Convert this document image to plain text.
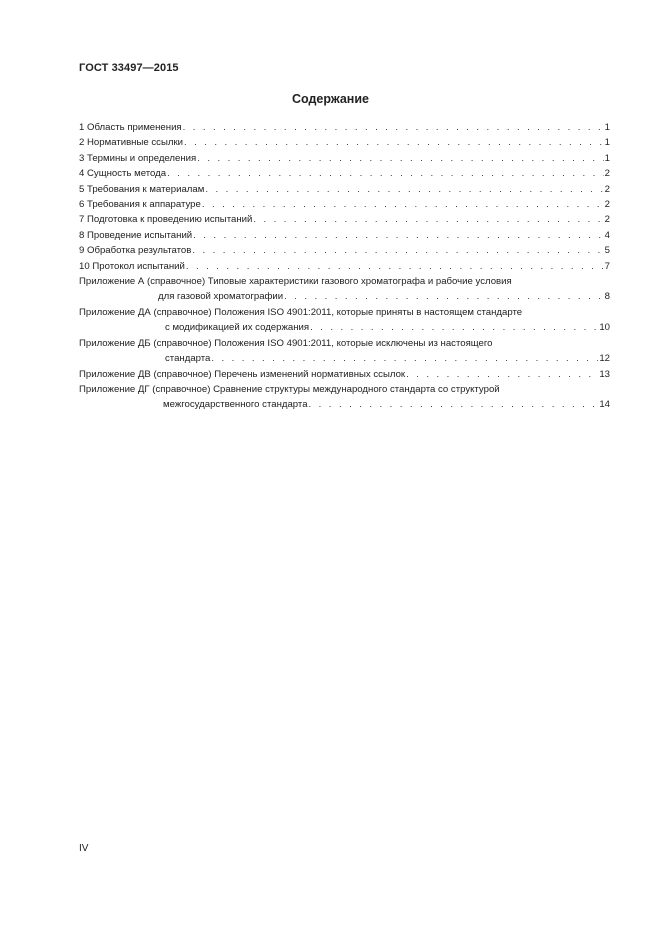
ГОСТ 33497—2015
Содержание
1 Область применения . . .	1
2 Нормативные ссылки . . .	1
3 Термины и определения . . .	1
4 Сущность метода . . .	2
5 Требования к материалам . . .	2
6 Требования к аппаратуре . . .	2
7 Подготовка к проведению испытаний . . .	2
8 Проведение испытаний . . .	4
9 Обработка результатов . . .	5
10 Протокол испытаний . . .	7
Приложение А (справочное) Типовые характеристики газового хроматографа и рабочие условия
для газовой хроматографии . . .	8
Приложение ДА (справочное) Положения ISO 4901:2011, которые приняты в настоящем стандарте
с модификацией их содержания . . .	10
Приложение ДБ (справочное) Положения ISO 4901:2011, которые исключены из настоящего
стандарта . . .	12
Приложение ДВ (справочное) Перечень изменений нормативных ссылок . . .	13
Приложение ДГ (справочное) Сравнение структуры международного стандарта со структурой
межгосударственного стандарта . . .	14
IV
